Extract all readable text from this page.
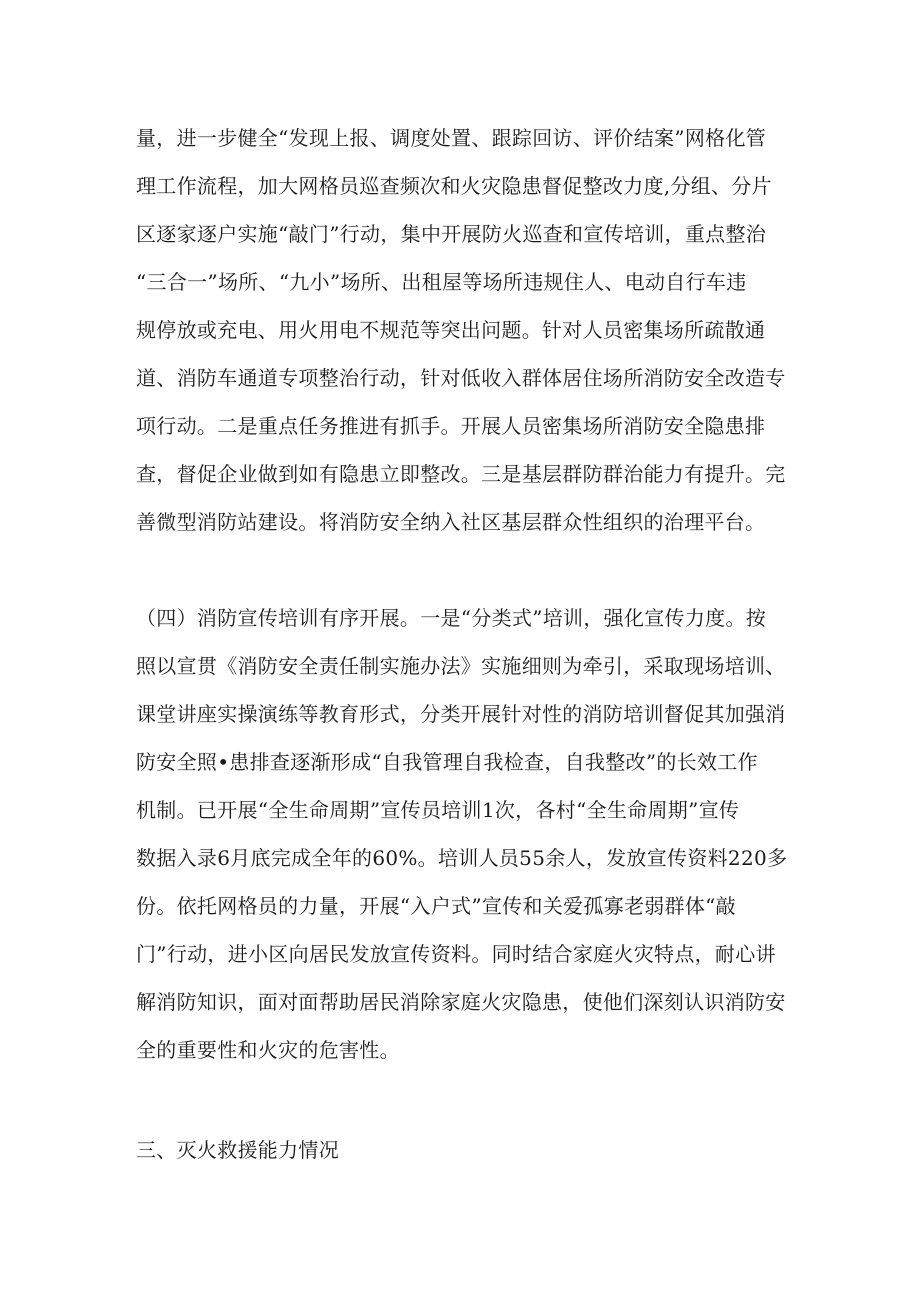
量，进一步健全“发现上报、调度处置、跟踪回访、评价结案”网格化管
理工作流程，加大网格员巡查频次和火灾隐患督促整改力度,分组、分片
区逐家逐户实施“敲门”行动，集中开展防火巡查和宣传培训，重点整治
“三合一”场所、“九小”场所、出租屋等场所违规住人、电动自行车违
规停放或充电、用火用电不规范等突出问题。针对人员密集场所疏散通
道、消防车通道专项整治行动，针对低收入群体居住场所消防安全改造专
项行动。二是重点任务推进有抓手。开展人员密集场所消防安全隐患排
查，督促企业做到如有隐患立即整改。三是基层群防群治能力有提升。完
善微型消防站建设。将消防安全纳入社区基层群众性组织的治理平台。
（四）消防宣传培训有序开展。一是“分类式”培训，强化宣传力度。按
照以宣贯《消防安全责任制实施办法》实施细则为牵引，采取现场培训、
课堂讲座实操演练等教育形式，分类开展针对性的消防培训督促其加强消
防安全照•患排查逐渐形成“自我管理自我检查，自我整改”的长效工作
机制。已开展“全生命周期”宣传员培训1次，各村“全生命周期”宣传
数据入录6月底完成全年的60%。培训人员55余人，发放宣传资料220多
份。依托网格员的力量，开展“入户式”宣传和关爱孤寡老弱群体“敲
门”行动，进小区向居民发放宣传资料。同时结合家庭火灾特点，耐心讲
解消防知识，面对面帮助居民消除家庭火灾隐患，使他们深刻认识消防安
全的重要性和火灾的危害性。
三、灭火救援能力情况
